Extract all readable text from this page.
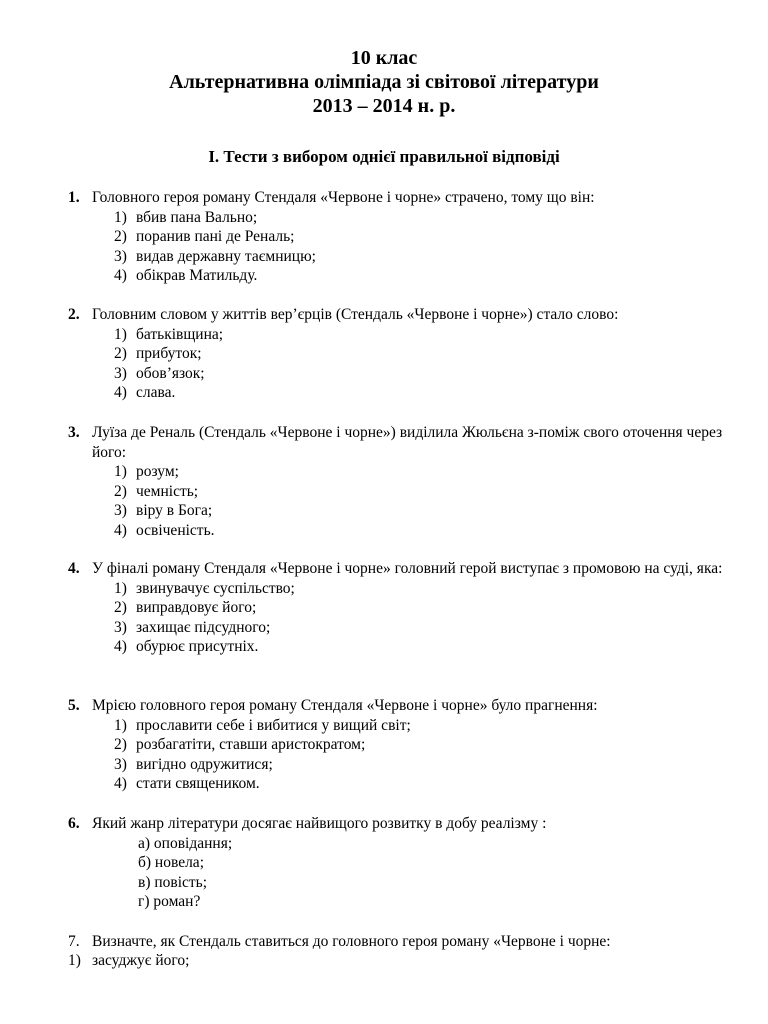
10 клас
Альтернативна олімпіада зі світової літератури
2013 – 2014 н. р.
I. Тести з вибором однієї правильної відповіді
1. Головного героя роману Стендаля «Червоне і чорне» страчено, тому що він:
1) вбив пана Вально;
2) поранив пані де Реналь;
3) видав державну таємницю;
4) обікрав Матильду.
2. Головним словом у життів вер’єрців (Стендаль «Червоне і чорне») стало слово:
1) батьківщина;
2) прибуток;
3) обов’язок;
4) слава.
3. Луїза де Реналь (Стендаль «Червоне і чорне») виділила Жюльєна з-поміж свого оточення через його:
1) розум;
2) чемність;
3) віру в Бога;
4) освіченість.
4. У фіналі роману Стендаля «Червоне і чорне» головний герой виступає з промовою на суді, яка:
1) звинувачує суспільство;
2) виправдовує його;
3) захищає підсудного;
4) обурює присутніх.
5. Мрією головного героя роману Стендаля «Червоне і чорне» було прагнення:
1) прославити себе і вибитися у вищий світ;
2) розбагатіти, ставши аристократом;
3) вигідно одружитися;
4) стати священиком.
6. Який жанр літератури досягає найвищого розвитку в добу реалізму :
а) оповідання;
б) новела;
в) повість;
г) роман?
7. Визначте, як Стендаль ставиться до головного героя роману «Червоне і чорне:
1) засуджує його;
